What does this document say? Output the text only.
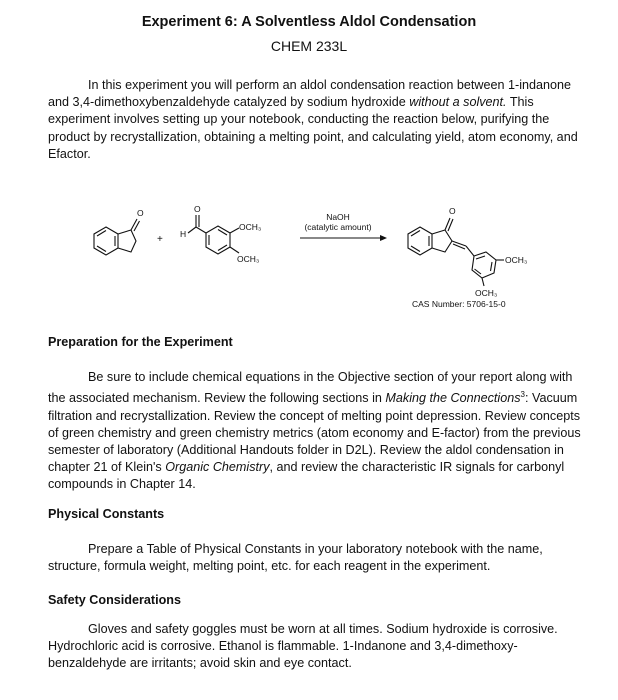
Experiment 6: A Solventless Aldol Condensation
CHEM 233L
In this experiment you will perform an aldol condensation reaction between 1-indanone and 3,4-dimethoxybenzaldehyde catalyzed by sodium hydroxide without a solvent. This experiment involves setting up your notebook, conducting the reaction below, purifying the product by recrystallization, obtaining a melting point, and calculating yield, atom economy, and Efactor.
O
+ H
O
OCH₃
OCH₃
NaOH
(catalytic amount)
O
OCH₃
OCH₃
CAS Number: 5706-15-0
Preparation for the Experiment
Be sure to include chemical equations in the Objective section of your report along with the associated mechanism. Review the following sections in Making the Connections$^3$: Vacuum filtration and recrystallization. Review the concept of melting point depression. Review concepts of green chemistry and green chemistry metrics (atom economy and E-factor) from the previous semester of laboratory (Additional Handouts folder in D2L). Review the aldol condensation in chapter 21 of Klein's Organic Chemistry, and review the characteristic IR signals for carbonyl compounds in Chapter 14.
Physical Constants
Prepare a Table of Physical Constants in your laboratory notebook with the name, structure, formula weight, melting point, etc. for each reagent in the experiment.
Safety Considerations
Gloves and safety goggles must be worn at all times. Sodium hydroxide is corrosive. Hydrochloric acid is corrosive. Ethanol is flammable. 1-Indanone and 3,4-dimethoxy-benzaldehyde are irritants; avoid skin and eye contact.
